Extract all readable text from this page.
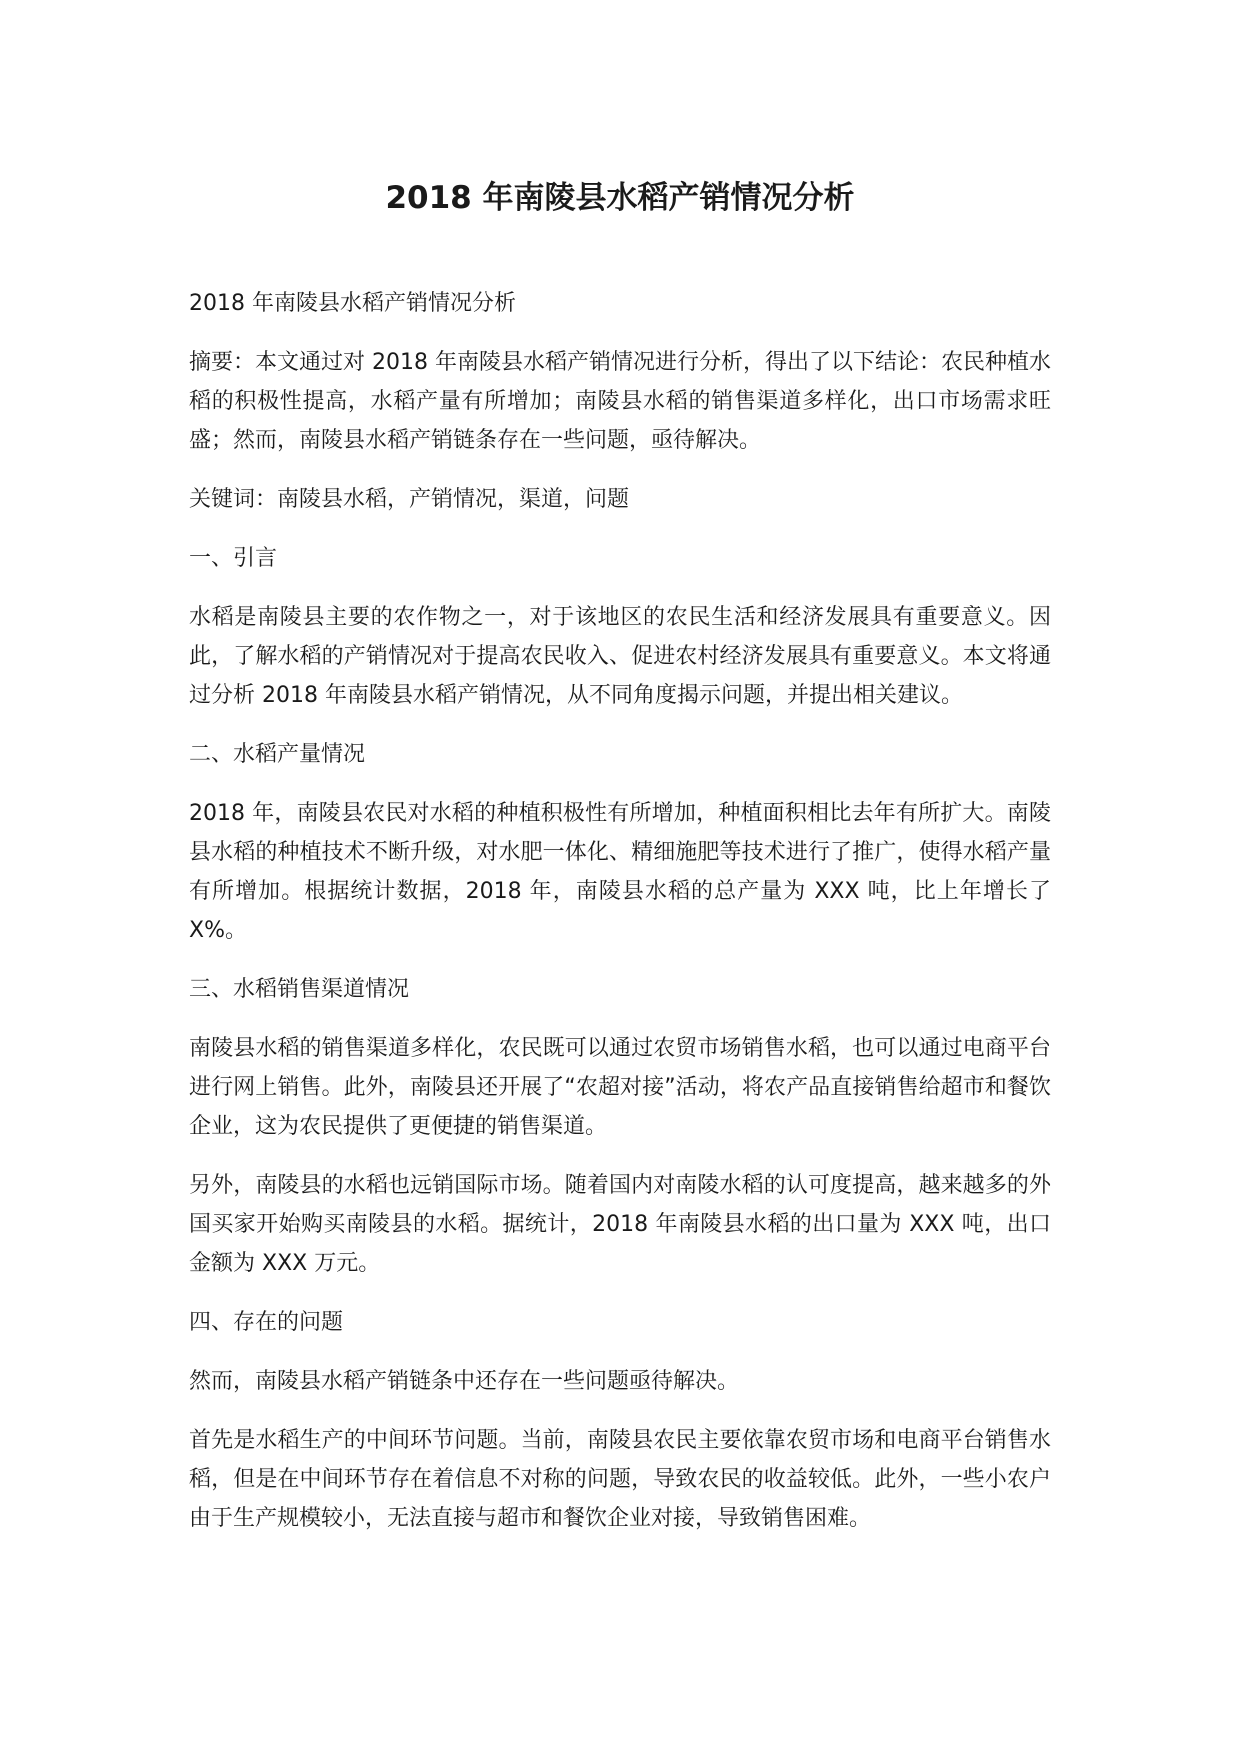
2018 年南陵县水稻产销情况分析

2018 年南陵县水稻产销情况分析

摘要：本文通过对 2018 年南陵县水稻产销情况进行分析，得出了以下结论：农民种植水稻的积极性提高，水稻产量有所增加；南陵县水稻的销售渠道多样化，出口市场需求旺盛；然而，南陵县水稻产销链条存在一些问题，亟待解决。

关键词：南陵县水稻，产销情况，渠道，问题

一、引言

水稻是南陵县主要的农作物之一，对于该地区的农民生活和经济发展具有重要意义。因此，了解水稻的产销情况对于提高农民收入、促进农村经济发展具有重要意义。本文将通过分析 2018 年南陵县水稻产销情况，从不同角度揭示问题，并提出相关建议。

二、水稻产量情况

2018 年，南陵县农民对水稻的种植积极性有所增加，种植面积相比去年有所扩大。南陵县水稻的种植技术不断升级，对水肥一体化、精细施肥等技术进行了推广，使得水稻产量有所增加。根据统计数据，2018 年，南陵县水稻的总产量为 XXX 吨，比上年增长了 X%。

三、水稻销售渠道情况

南陵县水稻的销售渠道多样化，农民既可以通过农贸市场销售水稻，也可以通过电商平台进行网上销售。此外，南陵县还开展了“农超对接”活动，将农产品直接销售给超市和餐饮企业，这为农民提供了更便捷的销售渠道。

另外，南陵县的水稻也远销国际市场。随着国内对南陵水稻的认可度提高，越来越多的外国买家开始购买南陵县的水稻。据统计，2018 年南陵县水稻的出口量为 XXX 吨，出口金额为 XXX 万元。

四、存在的问题

然而，南陵县水稻产销链条中还存在一些问题亟待解决。

首先是水稻生产的中间环节问题。当前，南陵县农民主要依靠农贸市场和电商平台销售水稻，但是在中间环节存在着信息不对称的问题，导致农民的收益较低。此外，一些小农户由于生产规模较小，无法直接与超市和餐饮企业对接，导致销售困难。
